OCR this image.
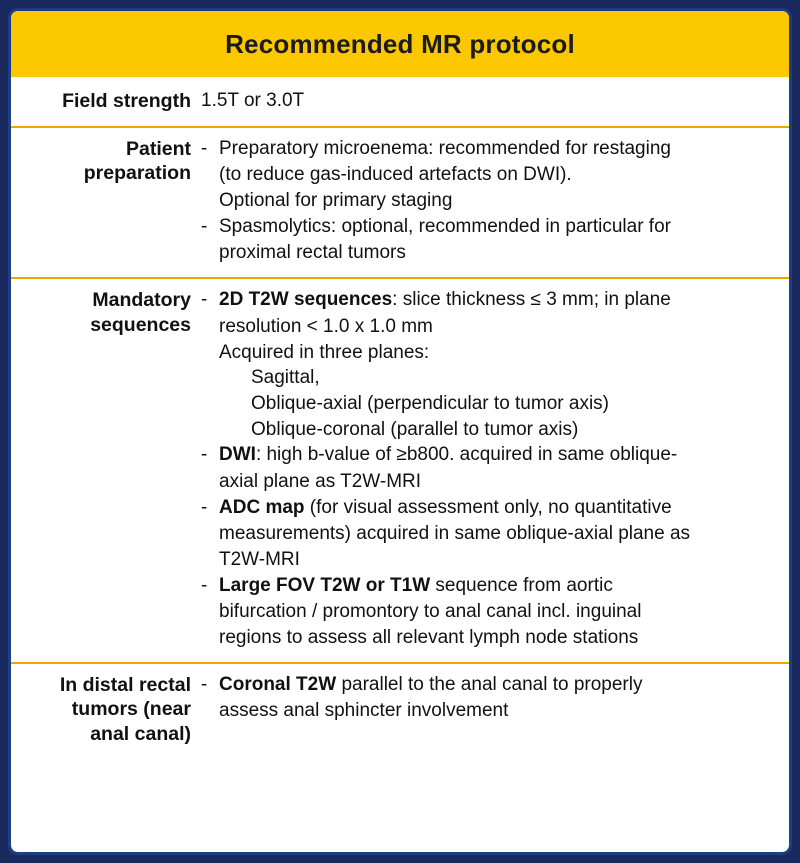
Recommended MR protocol
Field strength 1.5T or 3.0T
Patient
preparation
- Preparatory microenema: recommended for restaging
(to reduce gas-induced artefacts on DWI).
Optional for primary staging
- Spasmolytics: optional, recommended in particular for
proximal rectal tumors
Mandatory
sequences
- 2D T2W sequences: slice thickness ≤ 3 mm; in plane
resolution < 1.0 x 1.0 mm
Acquired in three planes:
Sagittal,
Oblique-axial (perpendicular to tumor axis)
Oblique-coronal (parallel to tumor axis)
- DWI: high b-value of ≥b800. acquired in same oblique-
axial plane as T2W-MRI
- ADC map (for visual assessment only, no quantitative
measurements) acquired in same oblique-axial plane as
T2W-MRI
- Large FOV T2W or T1W sequence from aortic
bifurcation / promontory to anal canal incl. inguinal
regions to assess all relevant lymph node stations
In distal rectal
tumors (near
anal canal)
- Coronal T2W parallel to the anal canal to properly
assess anal sphincter involvement
